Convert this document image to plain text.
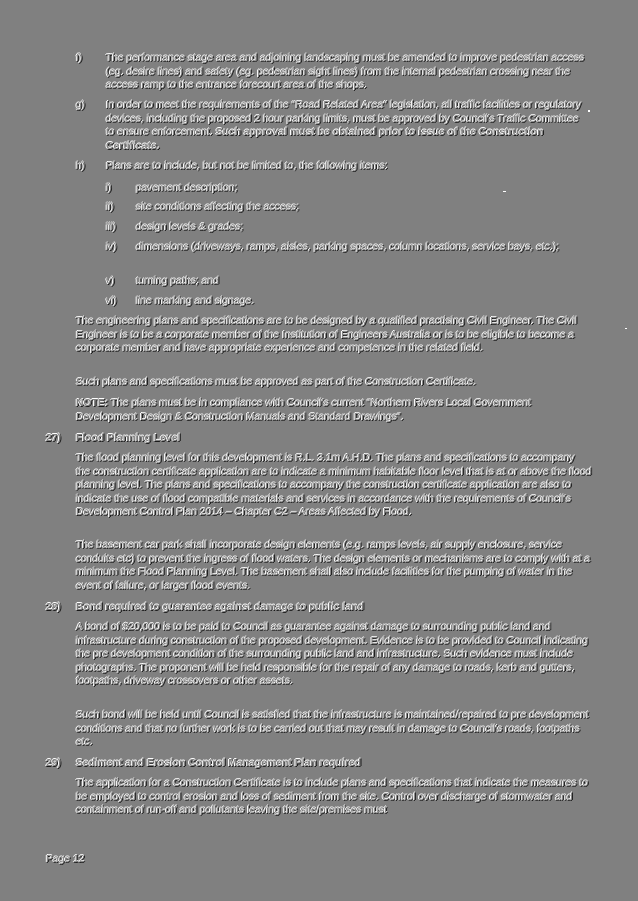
f) The performance stage area and adjoining landscaping must be amended to improve pedestrian access (eg. desire lines) and safety (eg. pedestrian sight lines) from the internal pedestrian crossing near the access ramp to the entrance forecourt area of the shops.
g) In order to meet the requirements of the "Road Related Area" legislation, all traffic facilities or regulatory devices, including the proposed 2 hour parking limits, must be approved by Council's Traffic Committee to ensure enforcement. Such approval must be obtained prior to issue of the Construction Certificate.
h) Plans are to include, but not be limited to, the following items:
i) pavement description;
ii) site conditions affecting the access;
iii) design levels & grades;
iv) dimensions (driveways, ramps, aisles, parking spaces, column locations, service bays, etc.);
v) turning paths; and
vi) line marking and signage.
The engineering plans and specifications are to be designed by a qualified practising Civil Engineer. The Civil Engineer is to be a corporate member of the Institution of Engineers Australia or is to be eligible to become a corporate member and have appropriate experience and competence in the related field.
Such plans and specifications must be approved as part of the Construction Certificate.
NOTE: The plans must be in compliance with Council's current "Northern Rivers Local Government Development Design & Construction Manuals and Standard Drawings".
27) Flood Planning Level
The flood planning level for this development is R.L. 3.1m A.H.D. The plans and specifications to accompany the construction certificate application are to indicate a minimum habitable floor level that is at or above the flood planning level. The plans and specifications to accompany the construction certificate application are also to indicate the use of flood compatible materials and services in accordance with the requirements of Council's Development Control Plan 2014 – Chapter C2 – Areas Affected by Flood.
The basement car park shall incorporate design elements (e.g. ramps levels, air supply enclosure, service conduits etc) to prevent the ingress of flood waters. The design elements or mechanisms are to comply with at a minimum the Flood Planning Level. The basement shall also include facilities for the pumping of water in the event of failure, or larger flood events.
28) Bond required to guarantee against damage to public land
A bond of $20,000 is to be paid to Council as guarantee against damage to surrounding public land and infrastructure during construction of the proposed development. Evidence is to be provided to Council indicating the pre development condition of the surrounding public land and infrastructure. Such evidence must include photographs. The proponent will be held responsible for the repair of any damage to roads, kerb and gutters, footpaths, driveway crossovers or other assets.
Such bond will be held until Council is satisfied that the infrastructure is maintained/repaired to pre development conditions and that no further work is to be carried out that may result in damage to Council's roads, footpaths etc.
29) Sediment and Erosion Control Management Plan required
The application for a Construction Certificate is to include plans and specifications that indicate the measures to be employed to control erosion and loss of sediment from the site. Control over discharge of stormwater and containment of run-off and pollutants leaving the site/premises must
Page 12
